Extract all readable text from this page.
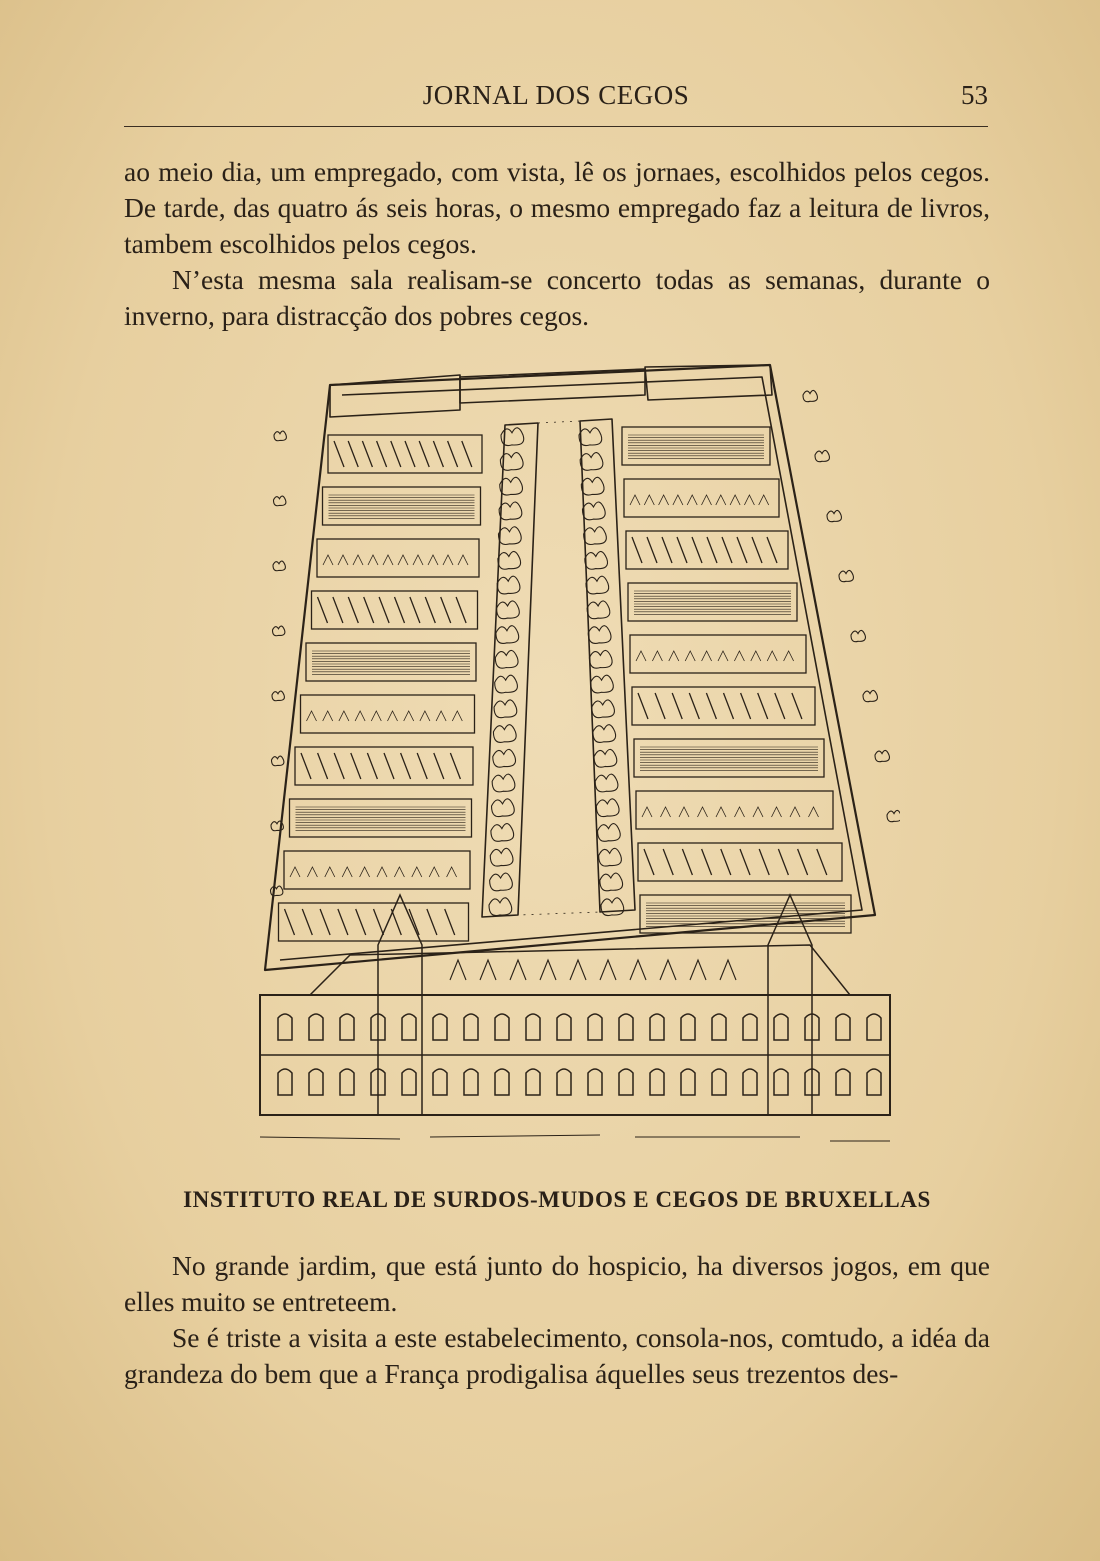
JORNAL DOS CEGOS	53

ao meio dia, um empregado, com vista, lê os jornaes, escolhidos pelos cegos. De tarde, das quatro ás seis horas, o mesmo empregado faz a leitura de livros, tambem escolhidos pelos cegos.

N’esta mesma sala realisam-se concerto todas as semanas, durante o inverno, para distracção dos pobres cegos.

INSTITUTO REAL DE SURDOS-MUDOS E CEGOS DE BRUXELLAS

No grande jardim, que está junto do hospicio, ha diversos jogos, em que elles muito se entreteem.

Se é triste a visita a este estabelecimento, consola-nos, comtudo, a idéa da grandeza do bem que a França prodigalisa áquelles seus trezentos des-
